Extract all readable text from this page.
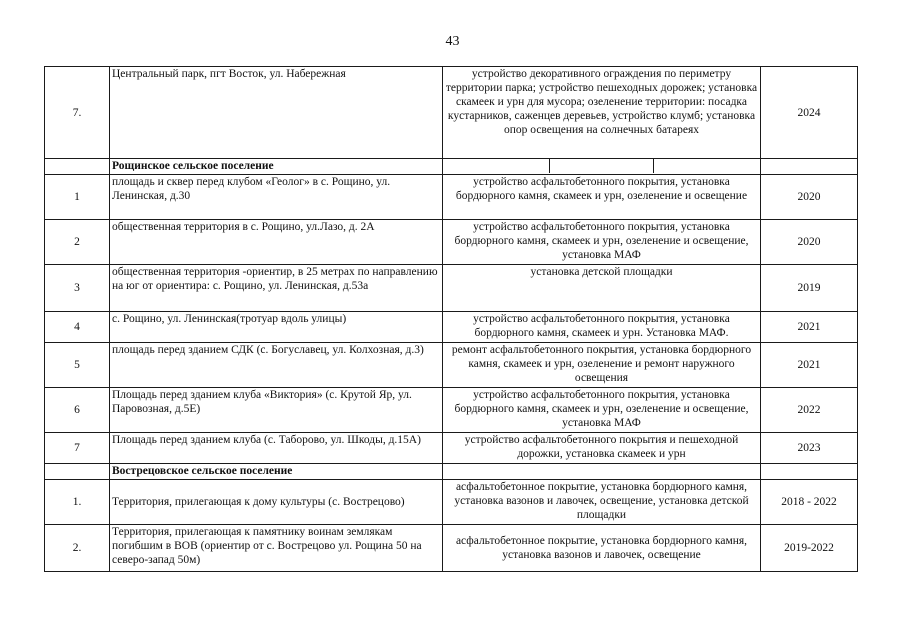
43
7.	Центральный парк, пгт Восток, ул. Набережная	устройство декоративного ограждения по периметру территории парка; устройство пешеходных дорожек; установка скамеек и урн для мусора; озеленение территории: посадка кустарников, саженцев деревьев, устройство клумб; установка опор освещения на солнечных батареях	2024
	Рощинское сельское поселение	

1	площадь и сквер перед клубом «Геолог» в с. Рощино, ул. Ленинская, д.30	устройство асфальтобетонного покрытия, установка бордюрного камня, скамеек и урн, озеленение и освещение	2020
2	общественная территория в с. Рощино, ул.Лазо, д. 2А	устройство асфальтобетонного покрытия, установка бордюрного камня, скамеек и урн, озеленение и освещение, установка МАФ	2020
3	общественная территория -ориентир, в 25 метрах по направлению на юг от ориентира: с. Рощино, ул. Ленинская, д.53а	установка детской площадки	2019
4	с. Рощино, ул. Ленинская(тротуар вдоль улицы)	устройство асфальтобетонного покрытия, установка бордюрного камня, скамеек и урн. Установка МАФ.	2021
5	площадь перед зданием СДК (с. Богуславец, ул. Колхозная, д.3)	ремонт асфальтобетонного покрытия, установка бордюрного камня, скамеек и урн, озеленение и ремонт наружного освещения	2021
6	Площадь перед зданием клуба «Виктория» (с. Крутой Яр, ул. Паровозная, д.5Е)	устройство асфальтобетонного покрытия, установка бордюрного камня, скамеек и урн, озеленение и освещение, установка МАФ	2022
7	Площадь перед зданием клуба (с. Таборово, ул. Шкоды, д.15А)	устройство асфальтобетонного покрытия и пешеходной дорожки, установка скамеек и урн	2023
	Вострецовское сельское поселение		
1.	Территория, прилегающая к дому культуры (с. Вострецово)	асфальтобетонное покрытие, установка бордюрного камня, установка вазонов и лавочек, освещение, установка детской площадки	2018 - 2022
2.	Территория, прилегающая к памятнику воинам землякам погибшим в ВОВ (ориентир от с. Вострецово ул. Рощина 50 на северо-запад 50м)	асфальтобетонное покрытие, установка бордюрного камня, установка вазонов и лавочек, освещение	2019-2022
